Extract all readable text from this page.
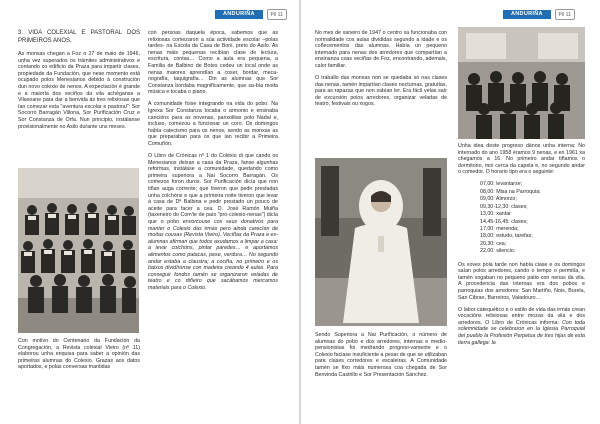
ANDURIÑA	Pil 11

3. VIDA COLEXIAL E PASTORAL DOS PRIMEIROS ANOS.

As monxas chegan a Foz o 27 de maio de 1946, unha vez superados os trámites administrativos e contando co edificio da Praza para impartir clases, propiedade da Fundación, que nese momento está ocupado polos Menesianos debido á construción dun novo colexio de nenos. A expectación é grande e a maioría dos veciños da vila achéganse a Vilaxoane para dar a benvida ás tres relixiosas que ían comezar esta "aventura escolar e pastoral": Sor Socorro Barragán Villona, Sor Purificación Cruz e Sor Constanza de Orfa. Nun principio, instálanse provisionalmente no Asilo durante uns meses.

Con motivo do Centenario da Fundación da Congregación, a Revista colexial Vieiro (nº 11) elaborou unha enquisa para saber a opinión das primeiras alumnas do Colexio. Grazas aos datos aportados, e polas conversas mantidas

con persoas daquela época, sabemos que as relixiosas comezaron a súa actividade escolar –polas tardes- na Escola da Casa de Boni, preto do Asilo. As nenas máis pequenas recibían clase de lectura, escritura, contas… Como a aula era pequena, a Familia de Balbino de Botes cedeu un local onde as nenas maiores aprendían a coser, bordar, meca-nografía, taquigrafía… Din as alumnas que Sor Constanza bordaba magnificamente, que sa-bía moita música e tocaba o piano.

A comunidade foise integrando na vida do pobo. Na Igrexa Sor Constanza tocaba o armonio e ensinaba cancións para as novenas, panxolitas polo Nadal e, incluso, comezou a funcionar un coro. Os domingos había catecismo para os nenos, sendo as monxas as que preparaban para os que ían recibir a Primeira Comuñón.

O Libro de Crónicas nº 1 do Colexio di que cando os Menesianos deixan a casa da Praza, fanse algunhas reformas, instálase a comunidade, quedando como primeira superiora a Nai Socorro Barragán. Os comezos foron duros. Sor Purificación dicía que non tiñan auga corrente; que tiveron que pedir prestadas unha colchóns e que a primeira noite tiveron que levar á casa de Dª Balbina e pedir prestado un pouco de aceite para facer a cea. D. José Ramón Muiña (taxeneiro do Com'te de país "pro-colexio-nenas") dicía que o pobo envorcouse cos seus donativos para manter o Colexio das irmás pero ainda carecían de moitas cousas (Revista Vieiro). Veciñas da Praza e ex-alumnas afirman que todos axudamos a limpar a casa: a levar colchóns, pintar paredes… e aportamos alimentos como patacas, pese, verdura… No segundo andar estaba a claustra; a cociña, no primeiro e os baixos dividíronse con madeira creando 4 aulas. Para conseguir fondos tamén se organizaron veladas de teatro e co diñeiro que sacábamos mercamos materiais para o Colexio.

ANDURIÑA	Pil 11

No mes de xaneiro de 1947 o centro xa funcionaba con normalidade cos aulas divididas segundo a idade e os coñecementos das alumnas. Había un pequeno internado para nenas dos arredores que compartían a ensinanza coas veciñas de Foz, encontrando, ademais, calor familiar.

O traballo das monxas non se quedaba só nas clases das nenas, tamén impartían clases nocturnas, gratuítas, para as rapazas que non sabían ler. Era fácil velas saír de excursión polos arredores, organizar veladas de teatro, festivais ou xogos.

Sendo Superiora a Nai Purificación, o número de alumnas do pobo e dos arredores, internas e medio-pensionistas foi medrando progresi-vamente e o Colexio faciase insuficiente a pesar de que se utilizaban para clases corredores e escaleiras. A Comunidade tamén se fixo máis numerosa coa chegada de Sor Benvinda Castrillo e Sor Presentación Sánchez.

Unha idea deste progreso dános unha interna: No internado do ano 1958 éramos 9 nenas, e en 1961 xa chegamos a 16. No primeiro andar tiñamos o dormitorio, moi cerca da capela e, no segundo andar o comedor. O horario tipo era o seguinte:

07,00: levantarse;
08,00: Misa na Parroquia;
09,00: Almorzo;
09,30-12,30: clases;
13,00: xantar
14,45-16,45: clases;
17,00: merenda;
18,00: estudo, tarefas;
20,30: cea;
22,00: silencio.

Os xoves pola tarde non había clase e os domingos saían polos arredores, cando o tempo o permitía, e tamén xogaban no pequeno patio con nenas da vila. A procedencia das internas era dos pobos e parroquias dos arredores: San Martiño, Nois, Burela, San Cibrao, Barreiros, Valadouro…

O labor catequético e o estilo de vida das irmás crean vocacións relixiosas entre mozas da vila e dos arredores. O Libro de Crónicas informa: Con toda solemnidade se celebraron en la Iglesia Parroquial del pueblo la Profesión Perpetua de tres hijas de esta tierra gallega: la
